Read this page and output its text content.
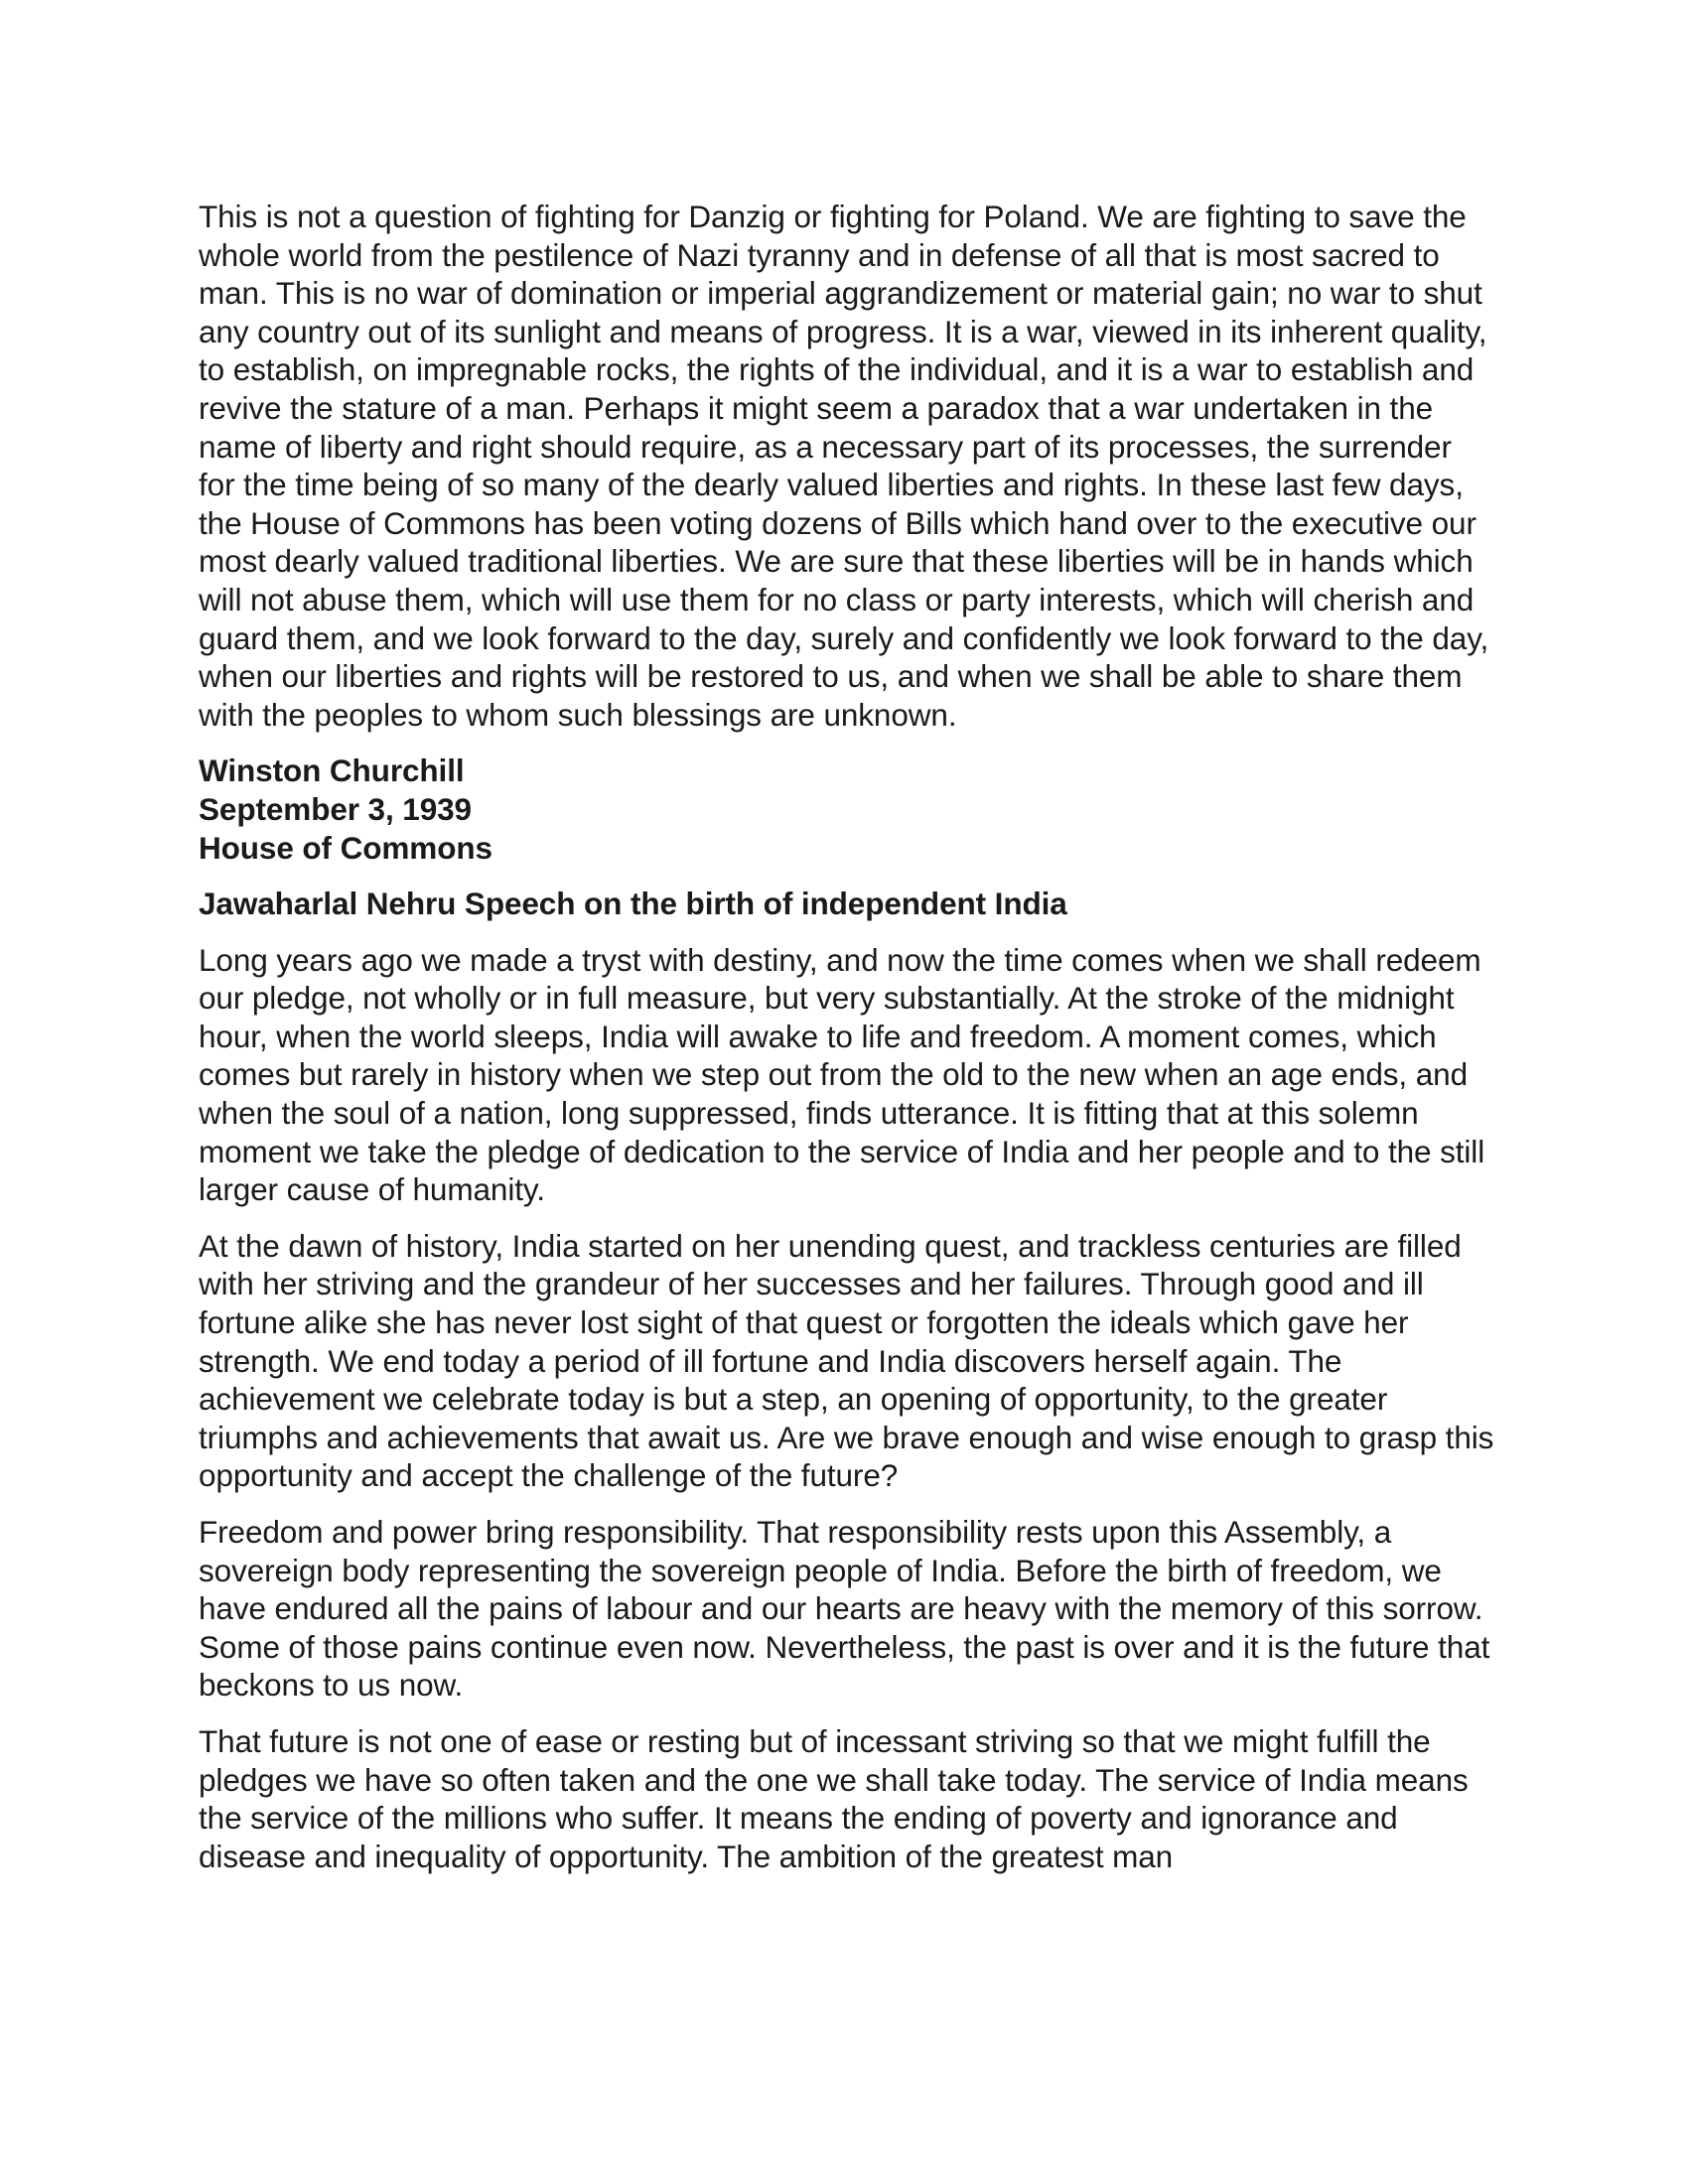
This is not a question of fighting for Danzig or fighting for Poland. We are fighting to save the whole world from the pestilence of Nazi tyranny and in defense of all that is most sacred to man. This is no war of domination or imperial aggrandizement or material gain; no war to shut any country out of its sunlight and means of progress. It is a war, viewed in its inherent quality, to establish, on impregnable rocks, the rights of the individual, and it is a war to establish and revive the stature of a man. Perhaps it might seem a paradox that a war undertaken in the name of liberty and right should require, as a necessary part of its processes, the surrender for the time being of so many of the dearly valued liberties and rights. In these last few days, the House of Commons has been voting dozens of Bills which hand over to the executive our most dearly valued traditional liberties. We are sure that these liberties will be in hands which will not abuse them, which will use them for no class or party interests, which will cherish and guard them, and we look forward to the day, surely and confidently we look forward to the day, when our liberties and rights will be restored to us, and when we shall be able to share them with the peoples to whom such blessings are unknown.

Winston Churchill
September 3, 1939
House of Commons
Jawaharlal Nehru Speech on the birth of independent India

Long years ago we made a tryst with destiny, and now the time comes when we shall redeem our pledge, not wholly or in full measure, but very substantially. At the stroke of the midnight hour, when the world sleeps, India will awake to life and freedom. A moment comes, which comes but rarely in history when we step out from the old to the new when an age ends, and when the soul of a nation, long suppressed, finds utterance. It is fitting that at this solemn moment we take the pledge of dedication to the service of India and her people and to the still larger cause of humanity.

At the dawn of history, India started on her unending quest, and trackless centuries are filled with her striving and the grandeur of her successes and her failures. Through good and ill fortune alike she has never lost sight of that quest or forgotten the ideals which gave her strength. We end today a period of ill fortune and India discovers herself again. The achievement we celebrate today is but a step, an opening of opportunity, to the greater triumphs and achievements that await us. Are we brave enough and wise enough to grasp this opportunity and accept the challenge of the future?

Freedom and power bring responsibility. That responsibility rests upon this Assembly, a sovereign body representing the sovereign people of India. Before the birth of freedom, we have endured all the pains of labour and our hearts are heavy with the memory of this sorrow. Some of those pains continue even now. Nevertheless, the past is over and it is the future that beckons to us now.

That future is not one of ease or resting but of incessant striving so that we might fulfill the pledges we have so often taken and the one we shall take today. The service of India means the service of the millions who suffer. It means the ending of poverty and ignorance and disease and inequality of opportunity. The ambition of the greatest man
